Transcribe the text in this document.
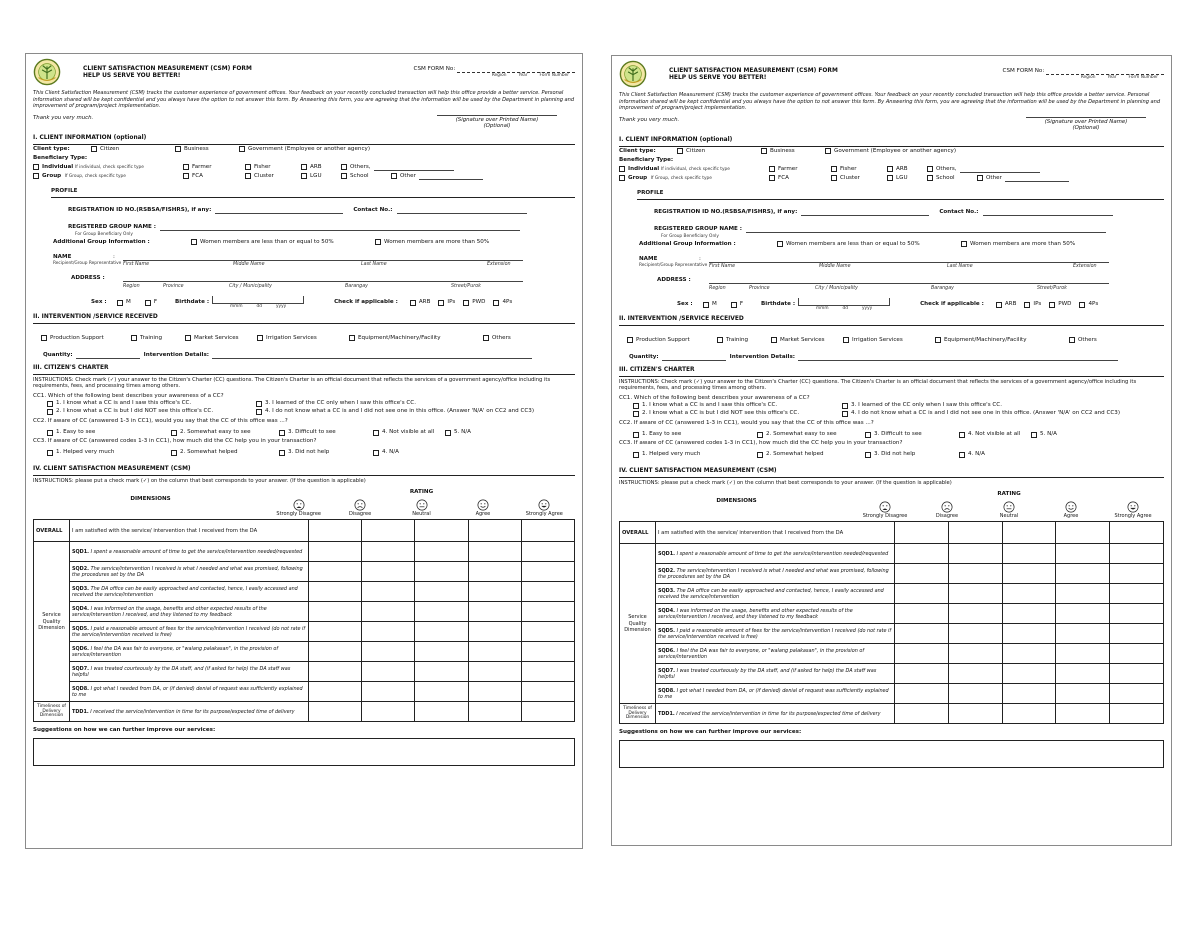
CLIENT SATISFACTION MEASUREMENT (CSM) FORM
HELP US SERVE YOU BETTER!
CSM FORM No:
Region	Year	Form Number
This Client Satisfaction Measurement (CSM) tracks the customer experience of government offices. Your feedback on your recently concluded transaction will help this office provide a better service. Personal information shared will be kept confidential and you always have the option to not answer this form. By Answering this form, you are agreeing that the information will be used by the Department in planning and improvement of program/project implementation.
Thank you very much.	(Signature over Printed Name)
(Optional)
I. CLIENT INFORMATION (optional)
Client type:	Citizen	Business	Government (Employee or another agency)
Beneficiary Type:
Individual
If individual, check specific type	Farmer	Fisher	ARB	Others,
Group
If Group, check specific type	FCA	Cluster	LGU	School	Other
PROFILE
REGISTRATION ID NO.(RSBSA/FISHRS), if any:	Contact No.:
REGISTERED GROUP NAME :
For Group Beneficiary Only
Additional Group Information :	Women members are less than or equal to 50%	Women members are more than 50%
NAME	:
Recipient/Group Representative First Name	Middle Name	Last Name	Extension
ADDRESS :
Region	Province	City / Municipality	Barangay	Street/Purok
Sex :	M	F	Birthdate :
mmm	dd	yyyy
Check if applicable :	ARB	IPs	PWD	4Ps
II. INTERVENTION /SERVICE RECEIVED
Production Support	Training	Market Services	Irrigation Services	Equipment/Machinery/Facility	Others
Quantity:	Intervention Details:
III. CITIZEN'S CHARTER
INSTRUCTIONS: Check mark (✓) your answer to the Citizen's Charter (CC) questions. The Citizen's Charter is an official document that reflects the services of a government agency/office including its requirements, fees, and processing times among others.
CC1. Which of the following best describes your awareness of a CC?
1. I know what a CC is and I saw this office's CC.	3. I learned of the CC only when I saw this office's CC.
2. I know what a CC is but I did NOT see this office's CC.	4. I do not know what a CC is and I did not see one in this office. (Answer 'N/A' on CC2 and CC3)
CC2. If aware of CC (answered 1-3 in CC1), would you say that the CC of this office was ...?
1. Easy to see	2. Somewhat easy to see	3. Difficult to see	4. Not visible at all	5. N/A
CC3. If aware of CC (answered codes 1-3 in CC1), how much did the CC help you in your transaction?
1. Helped very much	2. Somewhat helped	3. Did not help	4. N/A
IV. CLIENT SATISFACTION MEASUREMENT (CSM)
INSTRUCTIONS: please put a check mark (✓) on the column that best corresponds to your answer. (If the question is applicable)
DIMENSIONS
RATING
Strongly Disagree	Disagree	Neutral	Agree	Strongly Agree
OVERALL	I am satisfied with the service/ intervention that I received from the DA					
Service Quality Dimension	SQD1. I spent a reasonable amount of time to get the service/intervention needed/requested					
	SQD2. The service/intervention I received is what I needed and what was promised, following the procedures set by the DA					
	SQD3. The DA office can be easily approached and contacted, hence, I easily accessed and received the service/intervention					
	SQD4. I was informed on the usage, benefits and other expected results of the service/intervention I received, and they listened to my feedback					
	SQD5. I paid a reasonable amount of fees for the service/intervention I received (do not rate if the service/intervention received is free)					
	SQD6. I feel the DA was fair to everyone, or "walang palakasan", in the provision of service/intervention					
	SQD7. I was treated courteously by the DA staff, and (if asked for help) the DA staff was helpful					
	SQD8. I got what I needed from DA, or (if denied) denial of request was sufficiently explained to me					
Timeliness of Delivery Dimension	TDD1. I received the service/intervention in time for its purpose/expected time of delivery					
Suggestions on how we can further improve our services:
CLIENT SATISFACTION MEASUREMENT (CSM) FORM
HELP US SERVE YOU BETTER!
CSM FORM No:
Region	Year	Form Number
This Client Satisfaction Measurement (CSM) tracks the customer experience of government offices. Your feedback on your recently concluded transaction will help this office provide a better service. Personal information shared will be kept confidential and you always have the option to not answer this form. By Answering this form, you are agreeing that the information will be used by the Department in planning and improvement of program/project implementation.
Thank you very much.	(Signature over Printed Name)
(Optional)
I. CLIENT INFORMATION (optional)
Client type:	Citizen	Business	Government (Employee or another agency)
Beneficiary Type:
Individual
If individual, check specific type	Farmer	Fisher	ARB	Others,
Group
If Group, check specific type	FCA	Cluster	LGU	School	Other
PROFILE
REGISTRATION ID NO.(RSBSA/FISHRS), if any:	Contact No.:
REGISTERED GROUP NAME :
For Group Beneficiary Only
Additional Group Information :	Women members are less than or equal to 50%	Women members are more than 50%
NAME	:
Recipient/Group Representative First Name	Middle Name	Last Name	Extension
ADDRESS :
Region	Province	City / Municipality	Barangay	Street/Purok
Sex :	M	F	Birthdate :
mmm	dd	yyyy
Check if applicable :	ARB	IPs	PWD	4Ps
II. INTERVENTION /SERVICE RECEIVED
Production Support	Training	Market Services	Irrigation Services	Equipment/Machinery/Facility	Others
Quantity:	Intervention Details:
III. CITIZEN'S CHARTER
INSTRUCTIONS: Check mark (✓) your answer to the Citizen's Charter (CC) questions. The Citizen's Charter is an official document that reflects the services of a government agency/office including its requirements, fees, and processing times among others.
CC1. Which of the following best describes your awareness of a CC?
1. I know what a CC is and I saw this office's CC.	3. I learned of the CC only when I saw this office's CC.
2. I know what a CC is but I did NOT see this office's CC.	4. I do not know what a CC is and I did not see one in this office. (Answer 'N/A' on CC2 and CC3)
CC2. If aware of CC (answered 1-3 in CC1), would you say that the CC of this office was ...?
1. Easy to see	2. Somewhat easy to see	3. Difficult to see	4. Not visible at all	5. N/A
CC3. If aware of CC (answered codes 1-3 in CC1), how much did the CC help you in your transaction?
1. Helped very much	2. Somewhat helped	3. Did not help	4. N/A
IV. CLIENT SATISFACTION MEASUREMENT (CSM)
INSTRUCTIONS: please put a check mark (✓) on the column that best corresponds to your answer. (If the question is applicable)
DIMENSIONS
RATING
Strongly Disagree	Disagree	Neutral	Agree	Strongly Agree
OVERALL	I am satisfied with the service/ intervention that I received from the DA					
Service Quality Dimension	SQD1. I spent a reasonable amount of time to get the service/intervention needed/requested					
	SQD2. The service/intervention I received is what I needed and what was promised, following the procedures set by the DA					
	SQD3. The DA office can be easily approached and contacted, hence, I easily accessed and received the service/intervention					
	SQD4. I was informed on the usage, benefits and other expected results of the service/intervention I received, and they listened to my feedback					
	SQD5. I paid a reasonable amount of fees for the service/intervention I received (do not rate if the service/intervention received is free)					
	SQD6. I feel the DA was fair to everyone, or "walang palakasan", in the provision of service/intervention					
	SQD7. I was treated courteously by the DA staff, and (if asked for help) the DA staff was helpful					
	SQD8. I got what I needed from DA, or (if denied) denial of request was sufficiently explained to me					
Timeliness of Delivery Dimension	TDD1. I received the service/intervention in time for its purpose/expected time of delivery					
Suggestions on how we can further improve our services:
